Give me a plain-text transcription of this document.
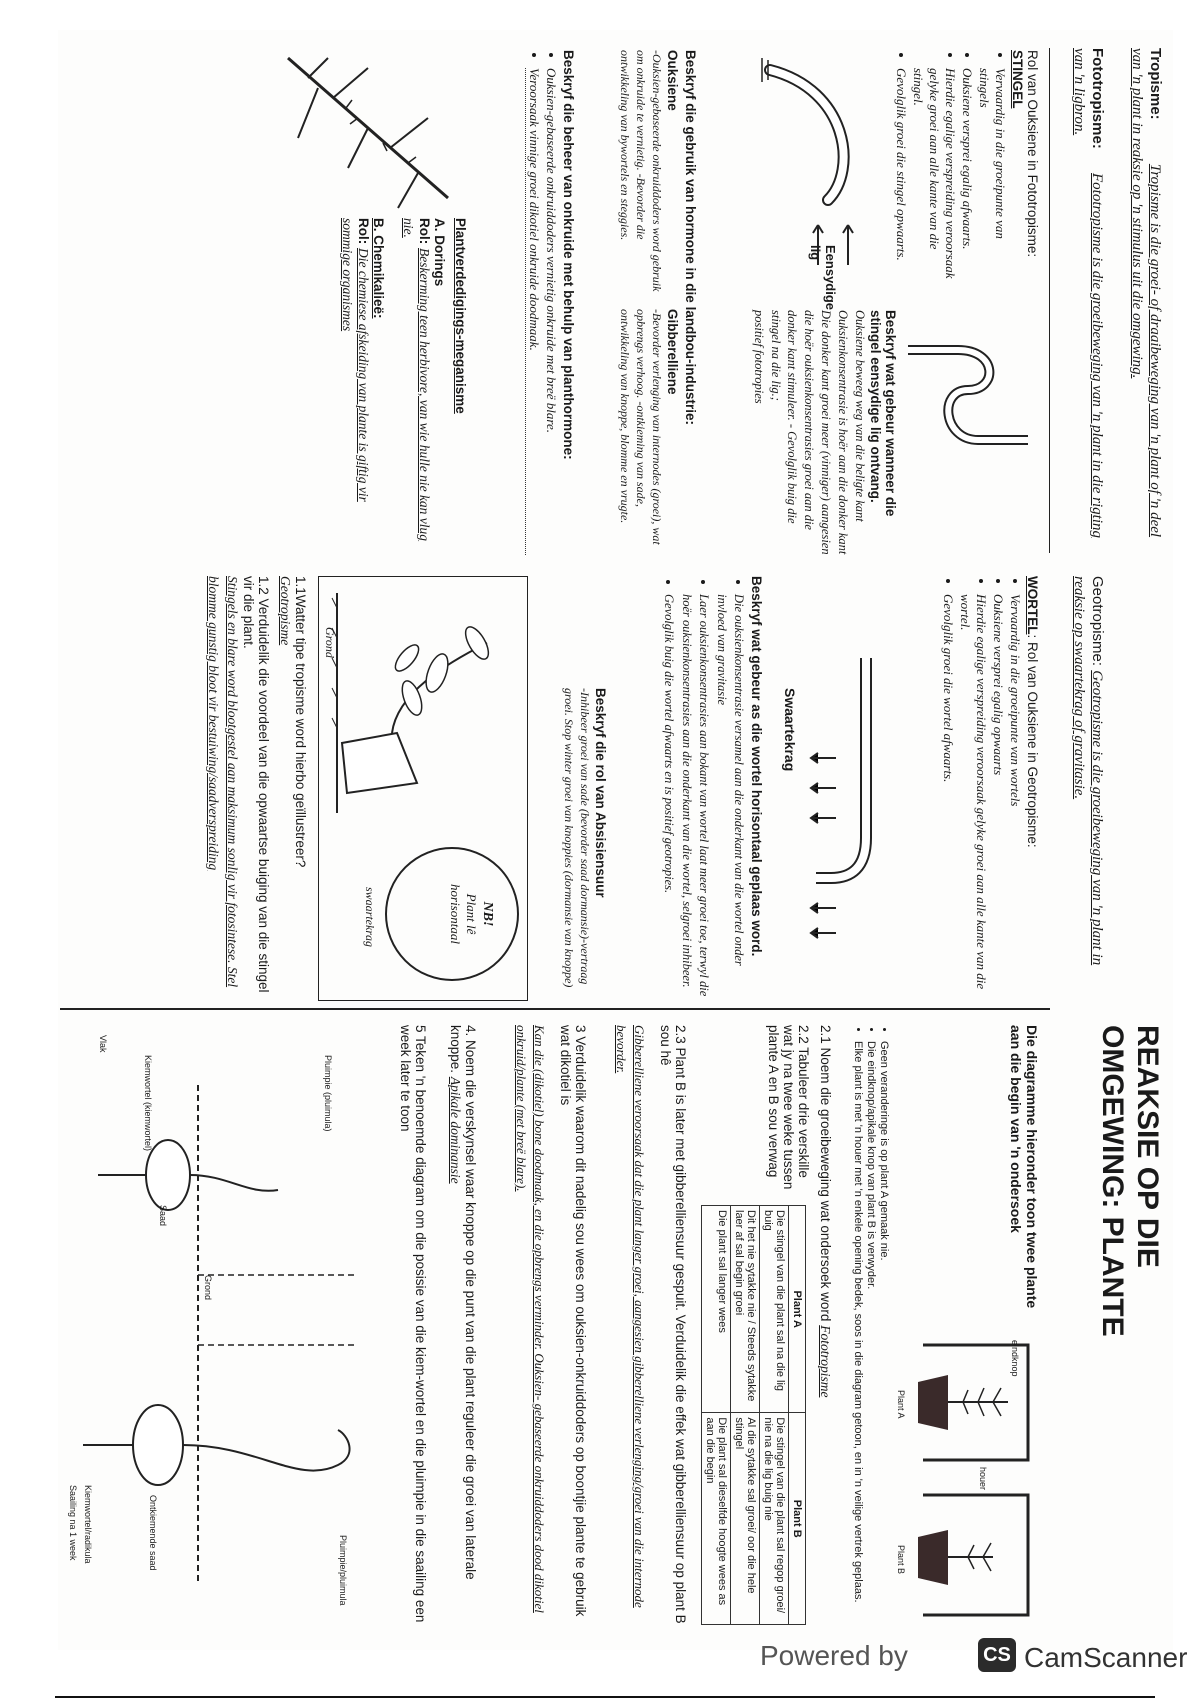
Tropisme: Tropisme is die groei- of draaibeweging van 'n plant of 'n deel van 'n plant in reaksie op 'n stimulus uit die omgewing.
Fototropisme: Fototropisme is die groeibeweging van 'n plant in die rigting van 'n ligbron.
Rol van Ouksiene in Fototropisme: STINGEL
• Vervaardig in die groeipunte van stingels
• Ouksiene versprei egalig afwaarts.
• Hierdie egalige verspreiding veroorsaak gelyke groei aan alle kante van die stingel.
• Gevolglik groei die stingel opwaarts.
Eensydige lig
Beskryf wat gebeur wanneer die stingel eensydige lig ontvang.
Ouksiene beweeg weg van die beligte kant
Ouksienkonsentrasie is hoër aan die donker kant
Die donker kant groei meer (vinniger) aangesien die hoër ouksienkonsentrasies groei aan die donker kant stimuleer. - Gevolglik buig die stingel na die lig.;
positief fototropies
Beskryf die gebruik van hormone in die landbou-industrie:
Ouksiene
-Ouksien-gebaseerde onkruiddoders word gebruik om onkruide te vernietig. -Bevorder die ontwikkeling van bywortels en steggies.
Gibberelliene
-Bevorder verlenging van internodes (groei), wat opbrengs verhoog. -ontkieming van sade, ontwikkeling van knoppe, blomme en vrugte.
Beskryf die beheer van onkruide met behulp van planthormone:
• Ouksien-gebaseerde onkruiddoders vernietig onkruide met breë blare.
• Veroorsaak vinnige groei dikotiel onkruide doodmaak.
Plantverdedigings-meganisme
A. Dorings
Rol: Beskerming teen herbivore, van wie hulle nie kan vlug nie.
B. Chemikalieë:
Rol: Die chemiese afskeiding van plante is giftig vir sommige organismes
Geotropisme: Geotropisme is die groeibeweging van 'n plant in reaksie op swaartekrag of gravitasie.
WORTEL: Rol van Ouksiene in Geotropisme:
• Vervaardig in die groeipunte van wortels
• Ouksiene versprei egalig opwaarts
• Hierdie egalige verspreiding veroorsaak gelyke groei aan alle kante van die wortel.
• Gevolglik groei die wortel afwaarts.
Swaartekrag
Beskryf wat gebeur as die wortel horisontaal geplaas word.
• Die ouksienkonsentrasie versamel aan die onderkant van die wortel onder invloed van gravitasie
• Laer ouksienkonsentrasies aan bokant van wortel laat meer groei toe, terwyl die hoër ouksienkonsentrasies aan die onderkant van die wortel, selgroei inhibeer.
• Gevolglik buig die wortel afwaarts en is positief geotropies.
Beskryf die rol van Absisiensuur
-Inhibeer groei van sade (bevorder saad dormansie)-vertraag groei. Stop winter groei van knoppies (dormansie van knoppe)
Grond
NB!
Plant lê horisontaal
swaartekrag
1.1Watter tipe tropisme word hierbo geïllustreer?
Geotropisme
1.2 Verduidelik die voordeel van die opwaartse buiging van die stingel vir die plant.
Stingels en blare word blootgestel aan maksimum sonlig vir fotosintese. Stel blomme gunstig bloot vir bestuiwing/saadverspreiding
REAKSIE OP DIE
OMGEWING: PLANTE
Die diagramme hieronder toon twee plante aan die begin van 'n ondersoek
Plant A
Plant B
eindknop
houer
• Geen veranderinge is op plant A gemaak nie.
• Die eindknop/apikale knop van plant B is verwyder.
• Elke plant is met 'n houer met 'n enkele opening bedek, soos in die diagram getoon, en in 'n veilige vertrek geplaas.
2.1 Noem die groeibeweging wat ondersoek word Fototropisme
2.2 Tabuleer drie verskille wat jy na twee weke tussen plante A en B sou verwag
Plant A	Plant B
Die stingel van die plant sal na die lig buig	Die stingel van die plant sal regop groei/ nie na die lig buig nie
Dit het nie sytakke nie / Steeds sytakke laer af sal begin groei	Al die sytakke sal groei/ oor die hele stingel
Die plant sal langer wees	Die plant sal dieselfde hoogte wees as aan die begin
2.3 Plant B is later met gibberelliensuur gespuit. Verduidelik die effek wat gibberelliensuur op plant B sou hê
Gibberelliene veroorsaak dat die plant langer groei, aangesien gibberelliene verlenging/groei van die internode bevorder.
3 Verduidelik waarom dit nadelig sou wees om ouksien-onkruiddoders op boontjie plante te gebruik wat dikotiel is
Kan die (dikotiel) bone doodmaak, en die opbrengs verminder. Ouksien- gebaseerde onkruiddoders dood dikotiel onkruid/plante (met breë blare).
4. Noem die verskynsel waar knoppe op die punt van die plant reguleer die groei van laterale knoppe. Apikale dominansie
5 Teken 'n benoemde diagram om die posisie van die kiem-wortel en die pluimpie in die saailing een week later te toon
Pluimpie (pluimula)
Kiemwortel (kiemwortel)
Saad
Grond
Vlak
Pluimpie/pluimula
Ontkiemende saad
Kiemwortel/radikula
Saailing na 1 week
Powered by	CS CamScanner
